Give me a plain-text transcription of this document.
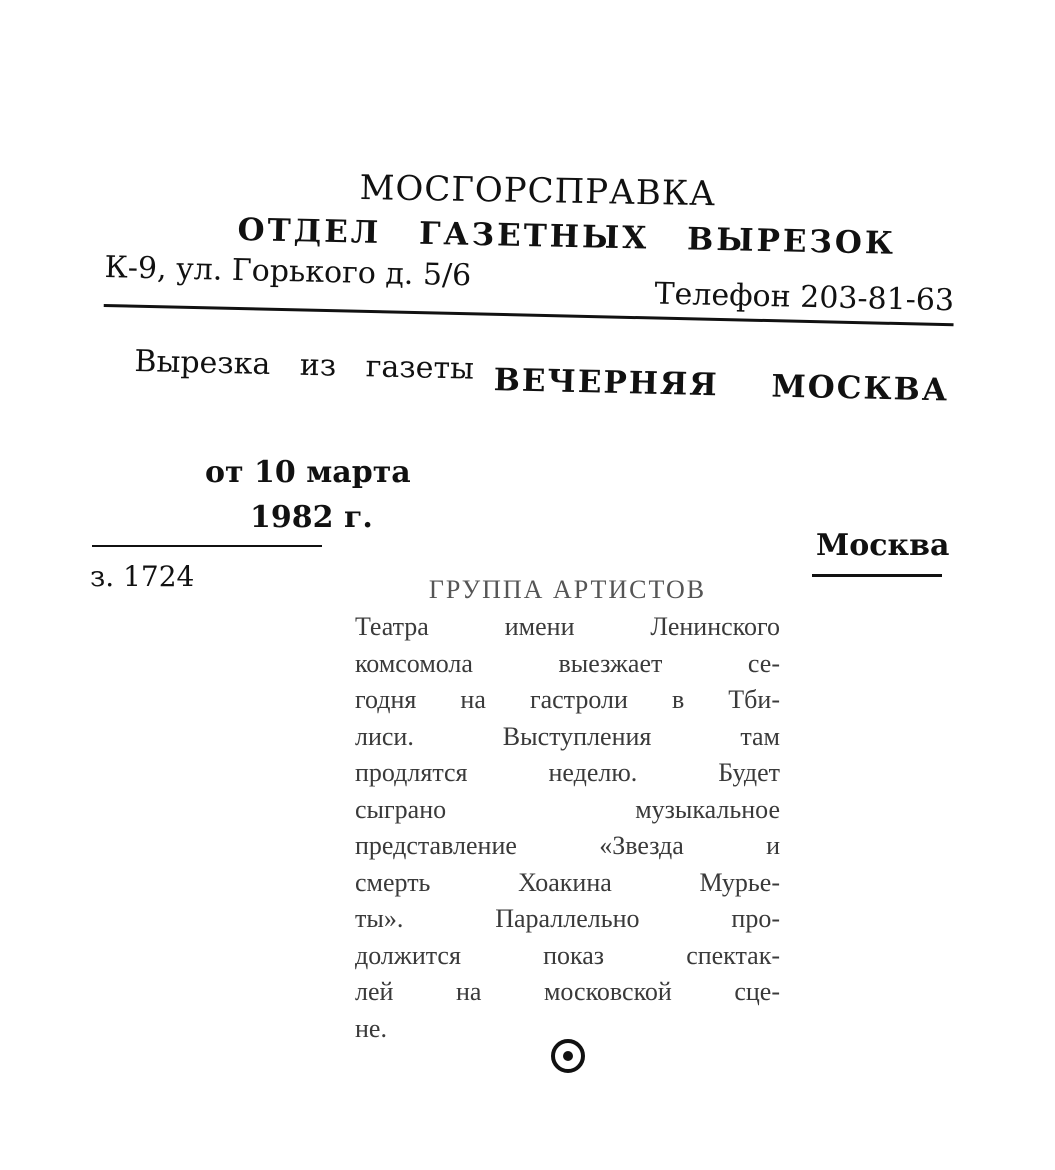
МОСГОРСПРАВКА
ОТДЕЛ ГАЗЕТНЫХ ВЫРЕЗОК
К-9, ул. Горького д. 5/6
Телефон 203-81-63
Вырезка из газеты ВЕЧЕРНЯЯ МОСКВА
от 10 марта
1982 г.
Москва
з. 1724	ГРУППА АРТИСТОВ
Театра имени Ленинского
комсомола выезжает се-
годня на гастроли в Тби-
лиси. Выступления там
продлятся неделю. Будет
сыграно музыкальное
представление «Звезда и
смерть Хоакина Мурье-
ты». Параллельно про-
должится показ спектак-
лей на московской сце-
не.
